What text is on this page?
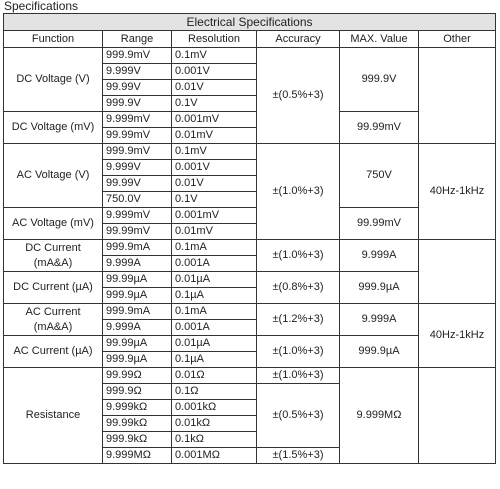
Specifications
Electrical Specifications					
Function	Range	Resolution	Accuracy	MAX. Value	Other
DC Voltage (V)	999.9mV	0.1mV	±(0.5%+3)	999.9V	
	9.999V	0.001V			
	99.99V	0.01V			
	999.9V	0.1V			
DC Voltage (mV)	9.999mV	0.001mV		99.99mV	
	99.99mV	0.01mV			
AC Voltage (V)	999.9mV	0.1mV	±(1.0%+3)	750V	40Hz-1kHz
	9.999V	0.001V			
	99.99V	0.01V			
	750.0V	0.1V			
AC Voltage (mV)	9.999mV	0.001mV		99.99mV	
	99.99mV	0.01mV			
DC Current (mA&A)	999.9mA	0.1mA	±(1.0%+3)	9.999A	
	9.999A	0.001A			
DC Current (µA)	99.99µA	0.01µA	±(0.8%+3)	999.9µA	
	999.9µA	0.1µA			
AC Current (mA&A)	999.9mA	0.1mA	±(1.2%+3)	9.999A	40Hz-1kHz
	9.999A	0.001A			
AC Current (µA)	99.99µA	0.01µA	±(1.0%+3)	999.9µA	
	999.9µA	0.1µA			
Resistance	99.99Ω	0.01Ω	±(1.0%+3)	9.999MΩ	
	999.9Ω	0.1Ω	±(0.5%+3)		
	9.999kΩ	0.001kΩ			
	99.99kΩ	0.01kΩ			
	999.9kΩ	0.1kΩ			
	9.999MΩ	0.001MΩ	±(1.5%+3)		
